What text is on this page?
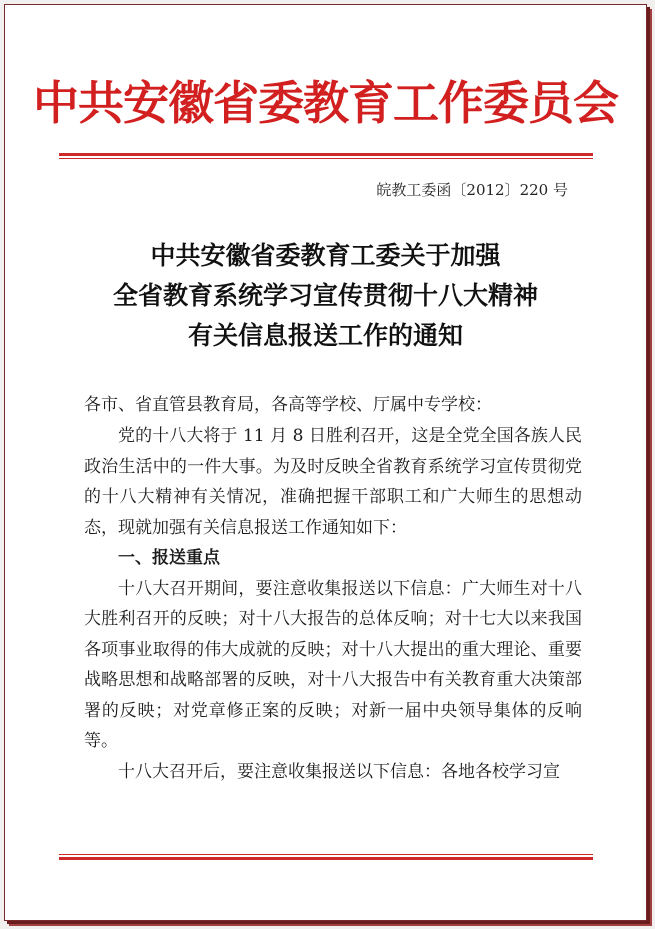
中共安徽省委教育工作委员会
皖教工委函〔2012〕220 号
中共安徽省委教育工委关于加强
全省教育系统学习宣传贯彻十八大精神
有关信息报送工作的通知
各市、省直管县教育局，各高等学校、厅属中专学校：

党的十八大将于 11 月 8 日胜利召开，这是全党全国各族人民政治生活中的一件大事。为及时反映全省教育系统学习宣传贯彻党的十八大精神有关情况，准确把握干部职工和广大师生的思想动态，现就加强有关信息报送工作通知如下：

一、报送重点

十八大召开期间，要注意收集报送以下信息：广大师生对十八大胜利召开的反映；对十八大报告的总体反响；对十七大以来我国各项事业取得的伟大成就的反映；对十八大提出的重大理论、重要战略思想和战略部署的反映，对十八大报告中有关教育重大决策部署的反映；对党章修正案的反映；对新一届中央领导集体的反响等。

十八大召开后，要注意收集报送以下信息：各地各校学习宣
